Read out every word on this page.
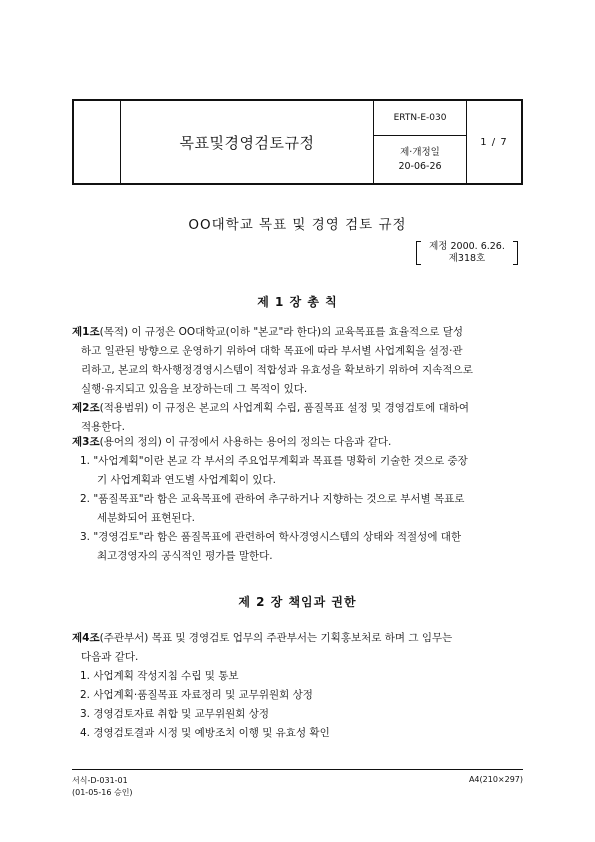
목표및경영검토규정
ERTN-E-030
제·개정일
20-06-26
1 / 7
OO대학교 목표 및 경영 검토 규정
제정 2000. 6.26.
제318호
제 1 장 총 칙
제1조(목적) 이 규정은 OO대학교(이하 "본교"라 한다)의 교육목표를 효율적으로 달성
하고 일관된 방향으로 운영하기 위하여 대학 목표에 따라 부서별 사업계획을 설정·관
리하고, 본교의 학사행정경영시스템이 적합성과 유효성을 확보하기 위하여 지속적으로
실행·유지되고 있음을 보장하는데 그 목적이 있다.
제2조(적용범위) 이 규정은 본교의 사업계획 수립, 품질목표 설정 및 경영검토에 대하여
적용한다.
제3조(용어의 정의) 이 규정에서 사용하는 용어의 정의는 다음과 같다.
1. "사업계획"이란 본교 각 부서의 주요업무계획과 목표를 명확히 기술한 것으로 중장
기 사업계획과 연도별 사업계획이 있다.
2. "품질목표"라 함은 교육목표에 관하여 추구하거나 지향하는 것으로 부서별 목표로
세분화되어 표현된다.
3. "경영검토"라 함은 품질목표에 관련하여 학사경영시스템의 상태와 적절성에 대한
최고경영자의 공식적인 평가를 말한다.
제 2 장 책임과 권한
제4조(주관부서) 목표 및 경영검토 업무의 주관부서는 기획홍보처로 하며 그 임무는
다음과 같다.
1. 사업계획 작성지침 수립 및 통보
2. 사업계획·품질목표 자료정리 및 교무위원회 상정
3. 경영검토자료 취합 및 교무위원회 상정
4. 경영검토결과 시정 및 예방조치 이행 및 유효성 확인
서식-D-031-01
(01-05-16 승인)
A4(210×297)
